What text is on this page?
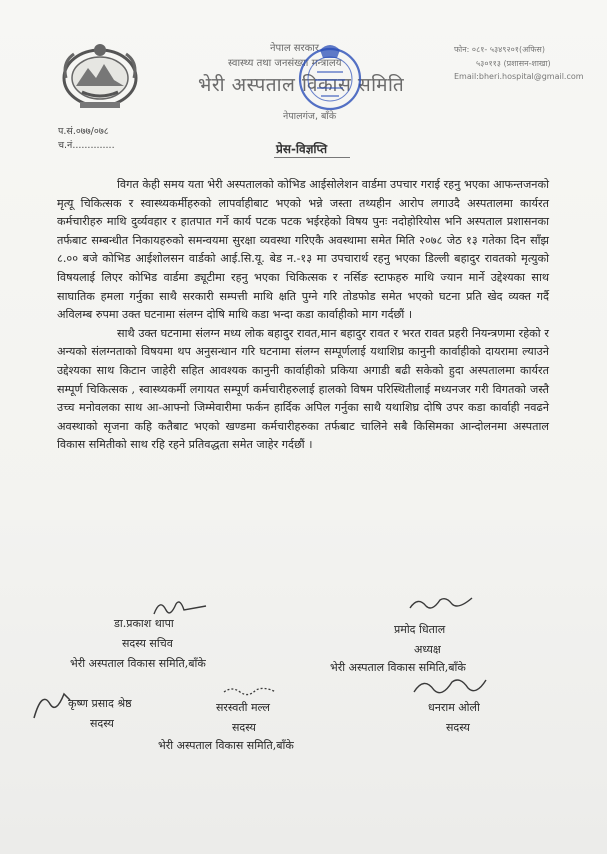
नेपाल सरकार
स्वास्थ्य तथा जनसंख्या मन्त्रालय
भेरी अस्पताल विकास समिति
नेपालगंज, बाँके
फोन: ०८१- ५३४९२०१(अफिस)
५३०११३ (प्रशासन-शाखा)
Email:bheri.hospital@gmail.com
प.सं.०७७/०७८
च.नं..............	प्रेस-विज्ञप्ति

विगत केही समय यता भेरी अस्पतालको कोभिड आईसोलेशन वार्डमा उपचार गराई रहनु भएका आफन्तजनको मृत्यू चिकित्सक र स्वास्थ्यकर्मीहरुको लापर्वाहीबाट भएको भन्ने जस्ता तथ्यहीन आरोप लगाउदै अस्पतालमा कार्यरत कर्मचारीहरु माथि दुर्व्यवहार र हातपात गर्ने कार्य पटक पटक भईरहेको विषय पुनः नदोहोरियोस भनि अस्पताल प्रशासनका तर्फबाट सम्बन्धीत निकायहरुको समन्वयमा सुरक्षा व्यवस्था गरिएकै अवस्थामा समेत मिति २०७८ जेठ १३ गतेका दिन साँझ ८.०० बजे कोभिड आईशोलसन वार्डको आई.सि.यू. बेड न.-१३ मा उपचारार्थ रहनु भएका डिल्ली बहादुर रावतको मृत्युको विषयलाई लिएर कोभिड वार्डमा ड्यूटीमा रहनु भएका चिकित्सक र नर्सिङ स्टाफहरु माथि ज्यान मार्ने उद्देश्यका साथ साघातिक हमला गर्नुका साथै सरकारी सम्पत्ती माथि क्षति पुग्ने गरि तोडफोड समेत भएको घटना प्रति खेद व्यक्त गर्दै अविलम्ब रुपमा उक्त घटनामा संलग्न दोषि माथि कडा भन्दा कडा कार्वाहीको माग गर्दछौं ।

साथै उक्त घटनामा संलग्न मध्य लोक बहादुर रावत,मान बहादुर रावत र भरत रावत प्रहरी नियन्त्रणमा रहेको र अन्यको संलग्नताको विषयमा थप अनुसन्धान गरि घटनामा संलग्न सम्पूर्णलाई यथाशिघ्र कानुनी कार्वाहीको दायरामा ल्याउने उद्देश्यका साथ किटान जाहेरी सहित आवश्यक कानुनी कार्वाहीको प्रकिया अगाडी बढी सकेको हुदा अस्पतालमा कार्यरत सम्पूर्ण चिकित्सक , स्वास्थ्यकर्मी लगायत सम्पूर्ण कर्मचारीहरुलाई हालको विषम परिस्थितीलाई मध्यनजर गरी विगतको जस्तै उच्च मनोवलका साथ आ-आफ्नो जिम्मेवारीमा फर्कन हार्दिक अपिल गर्नुका साथै यथाशिघ्र दोषि उपर कडा कार्वाही नवढने अवस्थाको सृजना कहि कतैबाट भएको खण्डमा कर्मचारीहरुका तर्फबाट चालिने सबै किसिमका आन्दोलनमा अस्पताल विकास समितीको साथ रहि रहने प्रतिवद्धता समेत जाहेर गर्दछौं ।

डा.प्रकाश थापा
सदस्य सचिव
भेरी अस्पताल विकास समिति,बाँके
प्रमोद धिताल
अध्यक्ष
भेरी अस्पताल विकास समिति,बाँके
कृष्ण प्रसाद श्रेष्ठ
सदस्य
सरस्वती मल्ल
सदस्य
धनराम ओली
सदस्य
भेरी अस्पताल विकास समिति,बाँके
